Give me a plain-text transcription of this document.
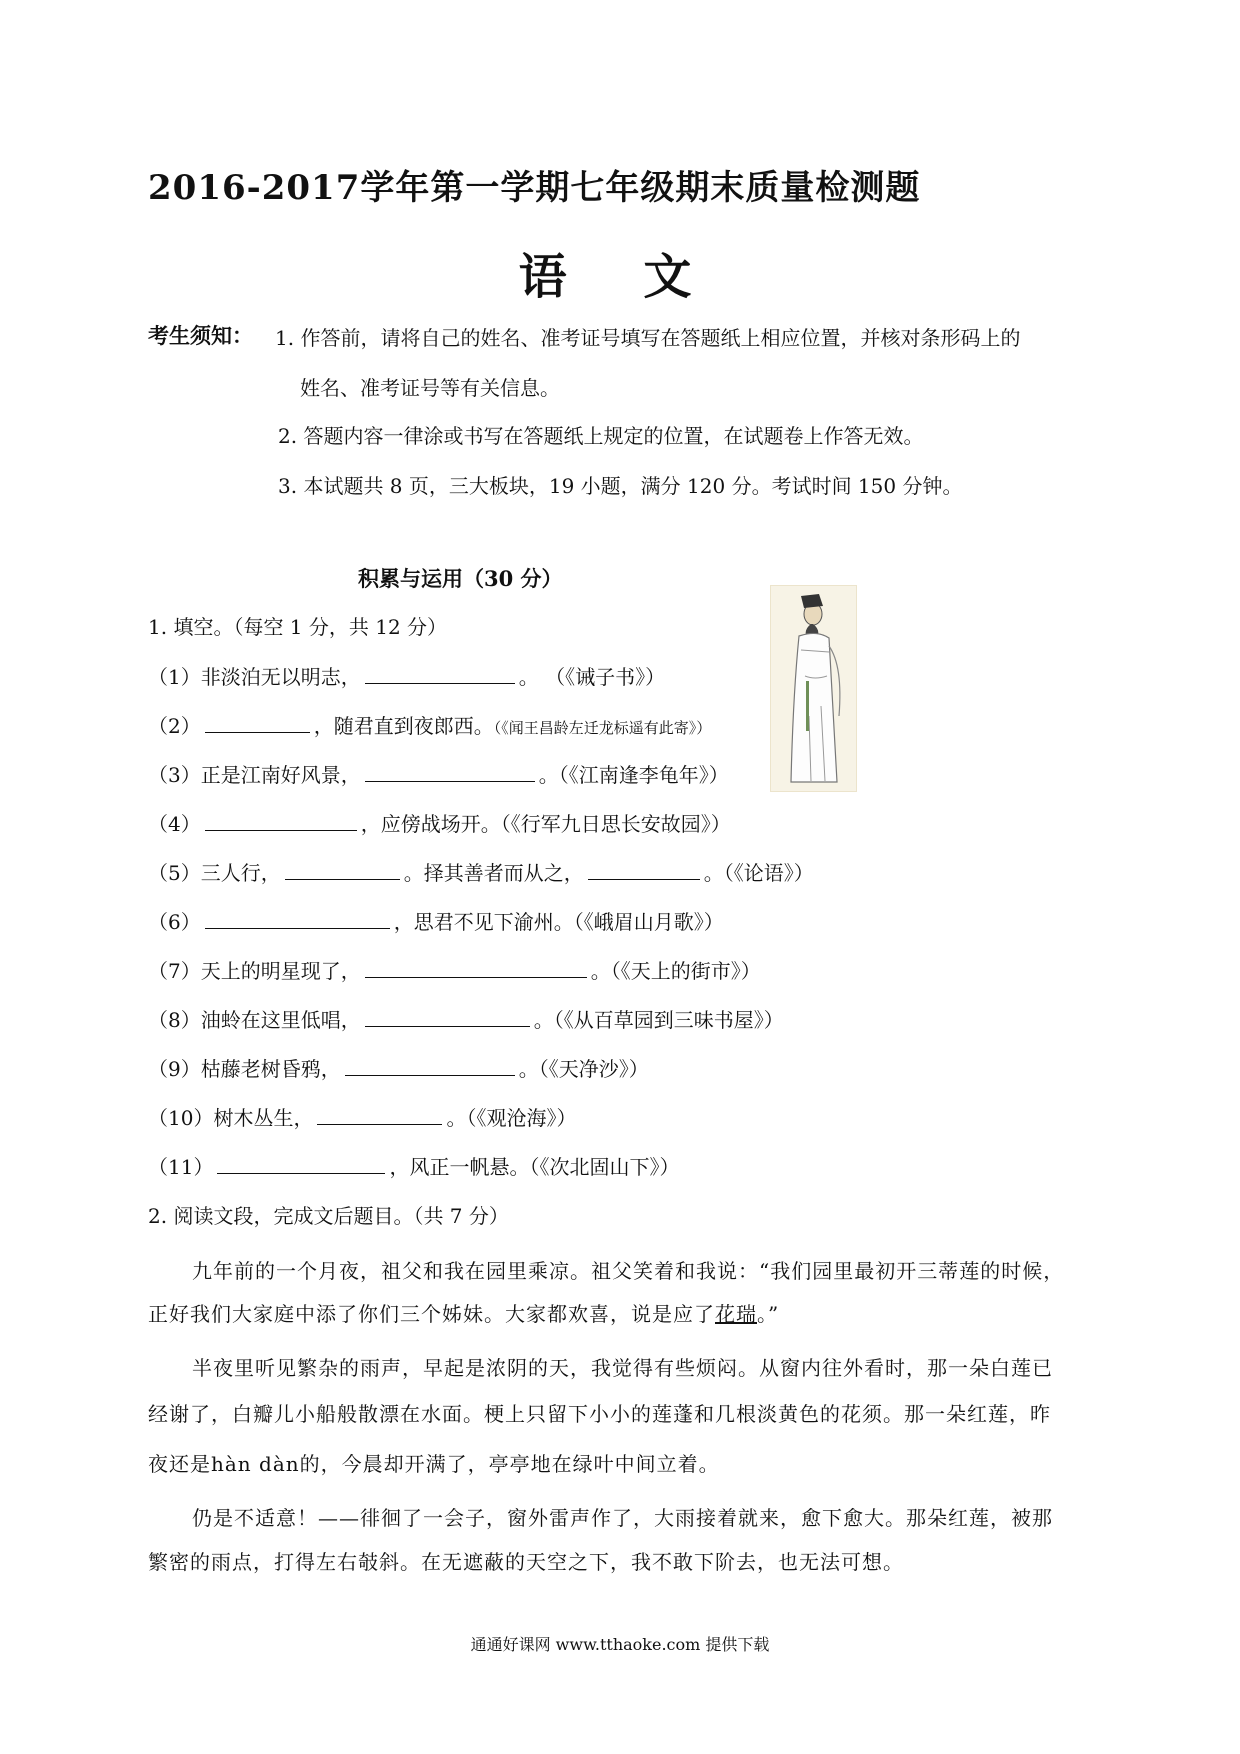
2016-2017学年第一学期七年级期末质量检测题
语 文
考生须知： 1. 作答前，请将自己的姓名、准考证号填写在答题纸上相应位置，并核对条形码上的
姓名、准考证号等有关信息。
2. 答题内容一律涂或书写在答题纸上规定的位置，在试题卷上作答无效。
3. 本试题共 8 页，三大板块，19 小题，满分 120 分。考试时间 150 分钟。
积累与运用（30 分）
1. 填空。（每空 1 分，共 12 分）
（1）非淡泊无以明志，	。 （《诫子书》）
（2）	，随君直到夜郎西。（《闻王昌龄左迁龙标遥有此寄》）
（3）正是江南好风景，	。（《江南逢李龟年》）
（4）	，应傍战场开。（《行军九日思长安故园》）
（5）三人行，	。择其善者而从之，	。（《论语》）
（6）	，思君不见下渝州。（《峨眉山月歌》）
（7）天上的明星现了，	。（《天上的街市》）
（8）油蛉在这里低唱，	。（《从百草园到三味书屋》）
（9）枯藤老树昏鸦，	。（《天净沙》）
（10）树木丛生，	。（《观沧海》）
（11）	，风正一帆悬。（《次北固山下》）
2. 阅读文段，完成文后题目。（共 7 分）
九年前的一个月夜，祖父和我在园里乘凉。祖父笑着和我说：“我们园里最初开三蒂莲的时候，
正好我们大家庭中添了你们三个姊妹。大家都欢喜，说是应了花瑞。”
半夜里听见繁杂的雨声，早起是浓阴的天，我觉得有些烦闷。从窗内往外看时，那一朵白莲已
经谢了，白瓣儿小船般散漂在水面。梗上只留下小小的莲蓬和几根淡黄色的花须。那一朵红莲，昨
夜还是hàn dàn的，今晨却开满了，亭亭地在绿叶中间立着。
仍是不适意！——徘徊了一会子，窗外雷声作了，大雨接着就来，愈下愈大。那朵红莲，被那
繁密的雨点，打得左右攲斜。在无遮蔽的天空之下，我不敢下阶去，也无法可想。
通通好课网 www.tthaoke.com 提供下载
